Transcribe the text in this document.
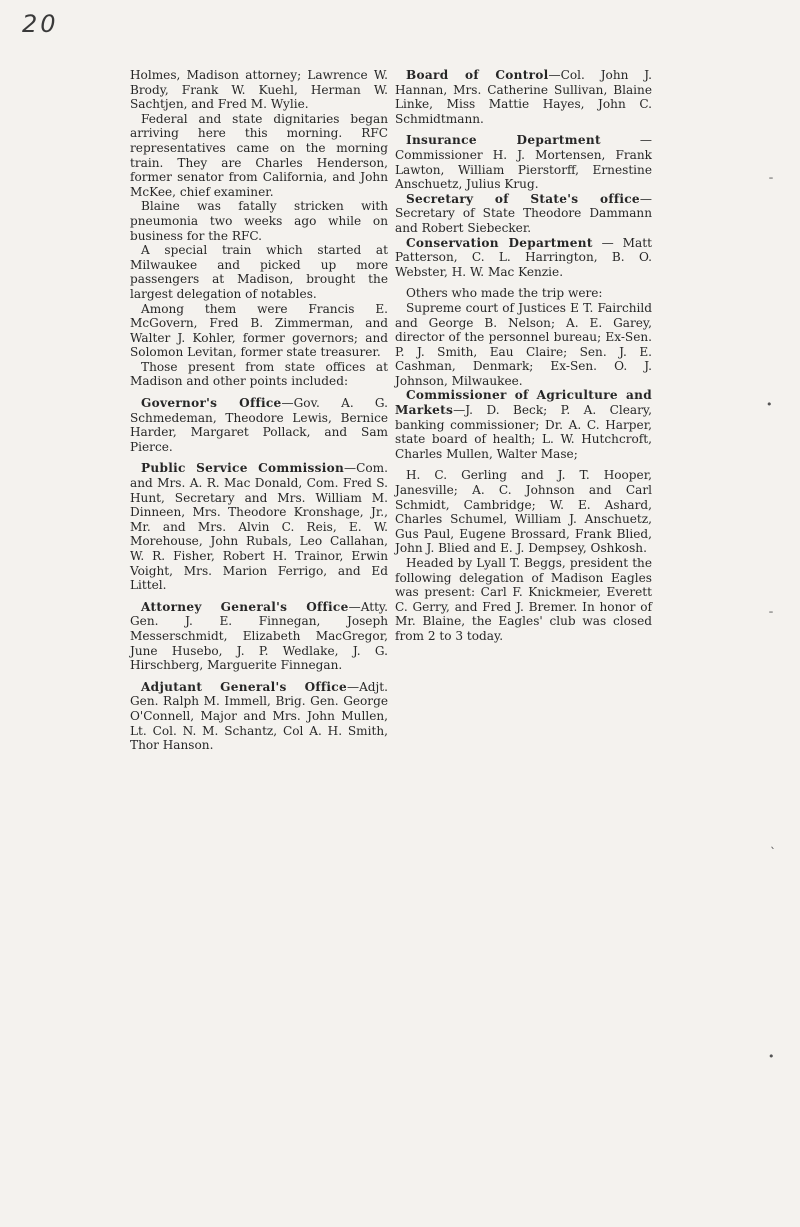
20

Holmes, Madison attorney; Lawrence W. Brody, Frank W. Kuehl, Herman W. Sachtjen, and Fred M. Wylie.

Federal and state dignitaries began arriving here this morning. RFC representatives came on the morning train. They are Charles Henderson, former senator from California, and John McKee, chief examiner.

Blaine was fatally stricken with pneumonia two weeks ago while on business for the RFC.

A special train which started at Milwaukee and picked up more passengers at Madison, brought the largest delegation of notables.

Among them were Francis E. McGovern, Fred B. Zimmerman, and Walter J. Kohler, former governors; and Solomon Levitan, former state treasurer.

Those present from state offices at Madison and other points included:

Governor's Office—Gov. A. G. Schmedeman, Theodore Lewis, Bernice Harder, Margaret Pollack, and Sam Pierce.

Public Service Commission—Com. and Mrs. A. R. Mac Donald, Com. Fred S. Hunt, Secretary and Mrs. William M. Dinneen, Mrs. Theodore Kronshage, Jr., Mr. and Mrs. Alvin C. Reis, E. W. Morehouse, John Rubals, Leo Callahan, W. R. Fisher, Robert H. Trainor, Erwin Voight, Mrs. Marion Ferrigo, and Ed Littel.

Attorney General's Office—Atty. Gen. J. E. Finnegan, Joseph Messerschmidt, Elizabeth MacGregor, June Husebo, J. P. Wedlake, J. G. Hirschberg, Marguerite Finnegan.

Adjutant General's Office—Adjt. Gen. Ralph M. Immell, Brig. Gen. George O'Connell, Major and Mrs. John Mullen, Lt. Col. N. M. Schantz, Col A. H. Smith, Thor Hanson.

Board of Control—Col. John J. Hannan, Mrs. Catherine Sullivan, Blaine Linke, Miss Mattie Hayes, John C. Schmidtmann.

Insurance Department — Commissioner H. J. Mortensen, Frank Lawton, William Pierstorff, Ernestine Anschuetz, Julius Krug.

Secretary of State's office—Secretary of State Theodore Dammann and Robert Siebecker.

Conservation Department — Matt Patterson, C. L. Harrington, B. O. Webster, H. W. Mac Kenzie.

Others who made the trip were:

Supreme court of Justices E T. Fairchild and George B. Nelson; A. E. Garey, director of the personnel bureau; Ex-Sen. P. J. Smith, Eau Claire; Sen. J. E. Cashman, Denmark; Ex-Sen. O. J. Johnson, Milwaukee.

Commissioner of Agriculture and Markets—J. D. Beck; P. A. Cleary, banking commissioner; Dr. A. C. Harper, state board of health; L. W. Hutchcroft, Charles Mullen, Walter Mase;

H. C. Gerling and J. T. Hooper, Janesville; A. C. Johnson and Carl Schmidt, Cambridge; W. E. Ashard, Charles Schumel, William J. Anschuetz, Gus Paul, Eugene Brossard, Frank Blied, John J. Blied and E. J. Dempsey, Oshkosh.

Headed by Lyall T. Beggs, president the following delegation of Madison Eagles was present: Carl F. Knickmeier, Everett C. Gerry, and Fred J. Bremer. In honor of Mr. Blaine, the Eagles' club was closed from 2 to 3 today.

ˉ
•
ˉ
ˎ
•
